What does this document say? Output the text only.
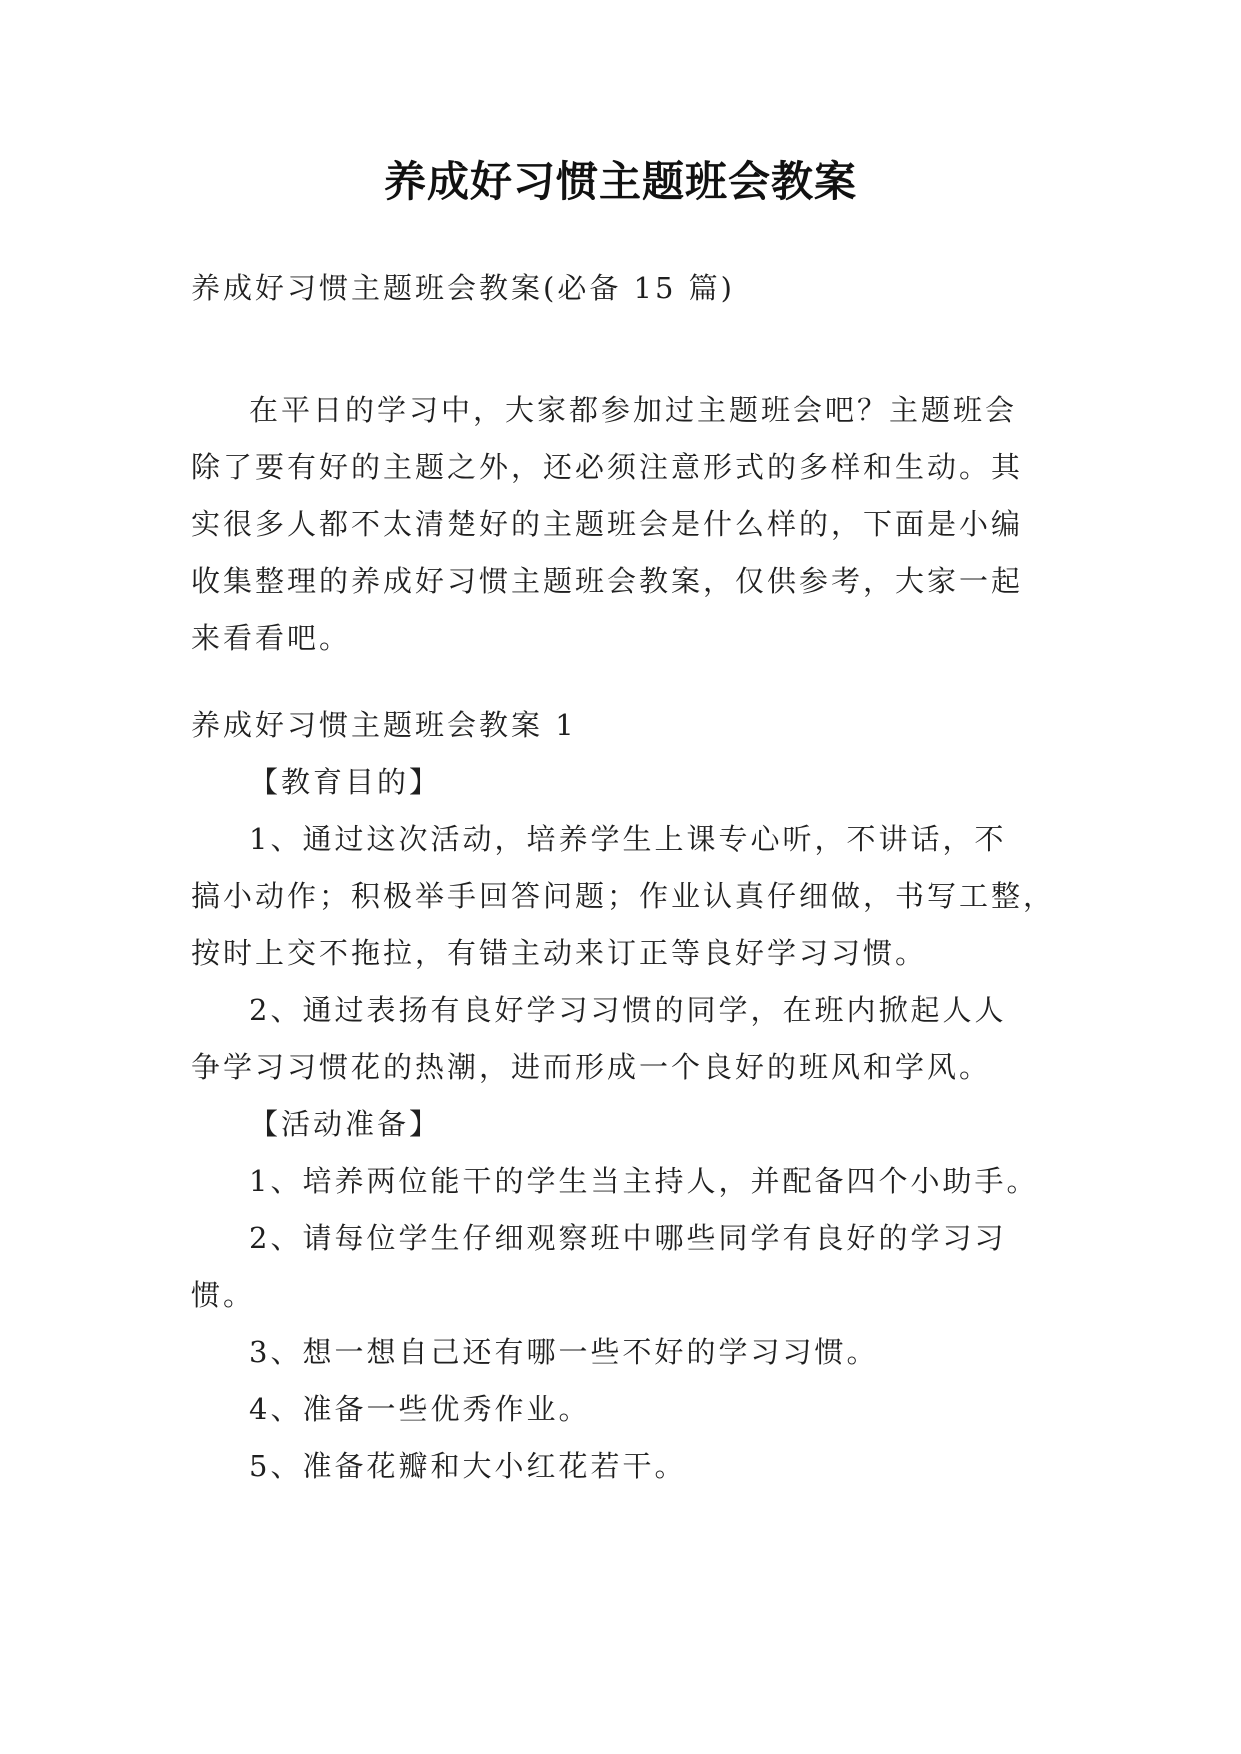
养成好习惯主题班会教案

养成好习惯主题班会教案(必备 15 篇)

在平日的学习中，大家都参加过主题班会吧？主题班会
除了要有好的主题之外，还必须注意形式的多样和生动。其
实很多人都不太清楚好的主题班会是什么样的，下面是小编
收集整理的养成好习惯主题班会教案，仅供参考，大家一起
来看看吧。

养成好习惯主题班会教案 1

【教育目的】

1、通过这次活动，培养学生上课专心听，不讲话，不
搞小动作；积极举手回答问题；作业认真仔细做，书写工整，
按时上交不拖拉，有错主动来订正等良好学习习惯。

2、通过表扬有良好学习习惯的同学，在班内掀起人人
争学习习惯花的热潮，进而形成一个良好的班风和学风。

【活动准备】

1、培养两位能干的学生当主持人，并配备四个小助手。

2、请每位学生仔细观察班中哪些同学有良好的学习习
惯。

3、想一想自己还有哪一些不好的学习习惯。

4、准备一些优秀作业。

5、准备花瓣和大小红花若干。
